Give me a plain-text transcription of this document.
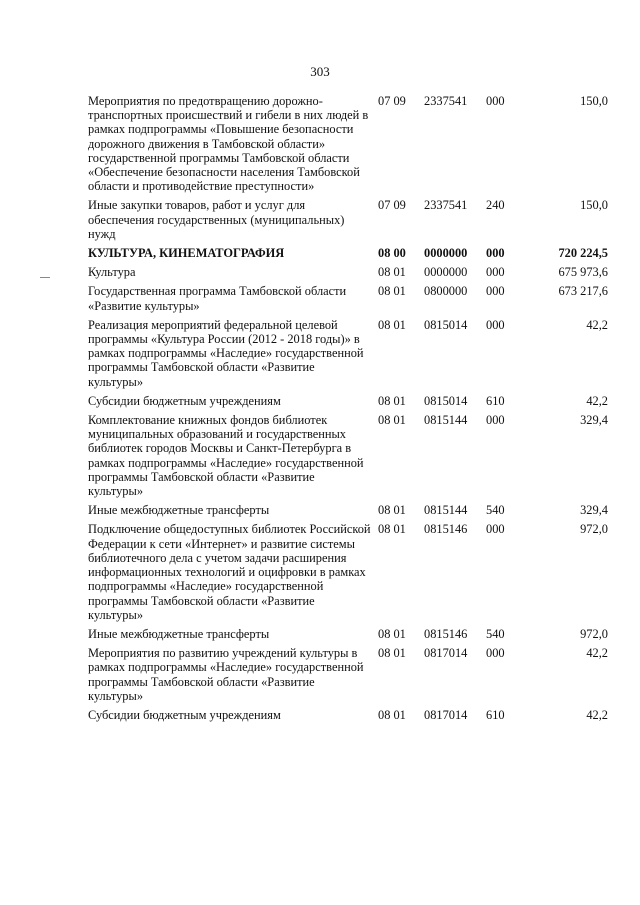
303
Мероприятия по предотвращению дорожно-транспортных происшествий и гибели в них людей в рамках подпрограммы «Повышение безопасности дорожного движения в Тамбовской области» государственной программы Тамбовской области «Обеспечение безопасности населения Тамбовской области и противодействие преступности»	07 09	2337541	000	150,0
Иные закупки товаров, работ и услуг для обеспечения государственных (муниципальных) нужд	07 09	2337541	240	150,0
КУЛЬТУРА, КИНЕМАТОГРАФИЯ	08 00	0000000	000	720 224,5
Культура	08 01	0000000	000	675 973,6
Государственная программа Тамбовской области «Развитие культуры»	08 01	0800000	000	673 217,6
Реализация мероприятий федеральной целевой программы «Культура России (2012 - 2018 годы)» в рамках подпрограммы «Наследие» государственной программы Тамбовской области «Развитие культуры»	08 01	0815014	000	42,2
Субсидии бюджетным учреждениям	08 01	0815014	610	42,2
Комплектование книжных фондов библиотек муниципальных образований и государственных библиотек городов Москвы и Санкт-Петербурга в рамках подпрограммы «Наследие» государственной программы Тамбовской области «Развитие культуры»	08 01	0815144	000	329,4
Иные межбюджетные трансферты	08 01	0815144	540	329,4
Подключение общедоступных библиотек Российской Федерации к сети «Интернет» и развитие системы библиотечного дела с учетом задачи расширения информационных технологий и оцифровки в рамках подпрограммы «Наследие» государственной программы Тамбовской области «Развитие культуры»	08 01	0815146	000	972,0
Иные межбюджетные трансферты	08 01	0815146	540	972,0
Мероприятия по развитию учреждений культуры в рамках подпрограммы «Наследие» государственной программы Тамбовской области «Развитие культуры»	08 01	0817014	000	42,2
Субсидии бюджетным учреждениям	08 01	0817014	610	42,2
